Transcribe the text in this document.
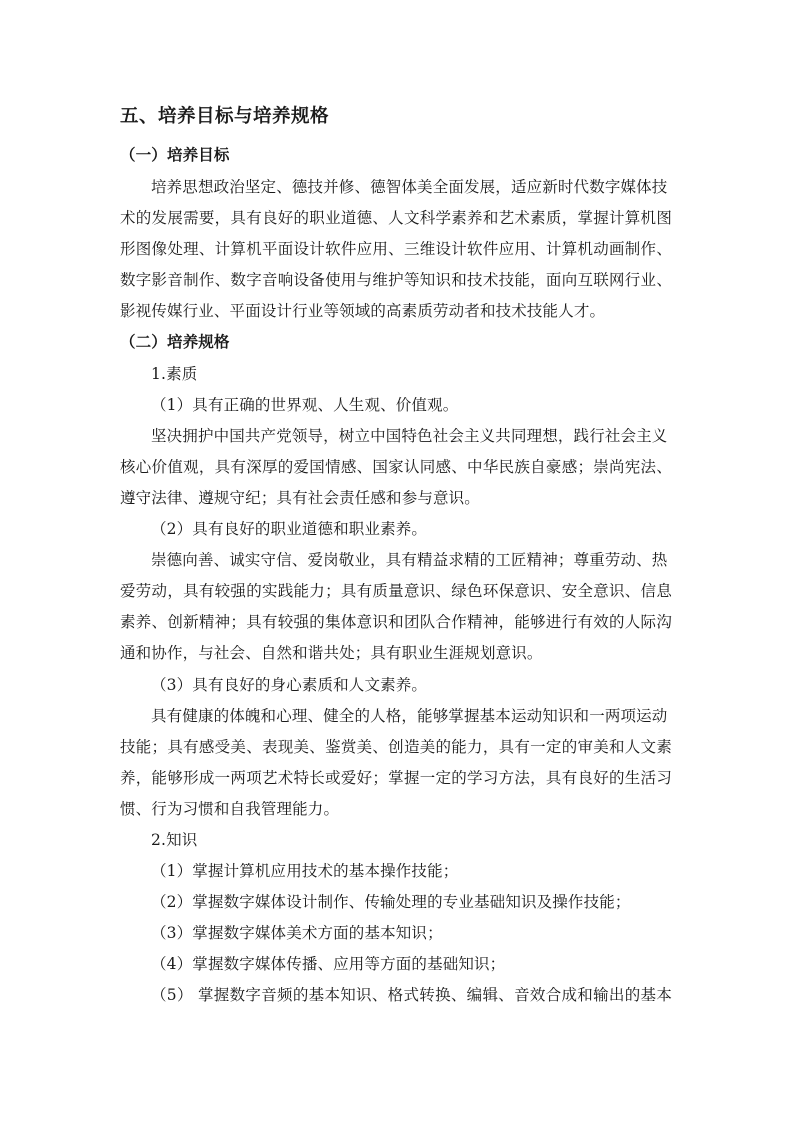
五、培养目标与培养规格
（一）培养目标
培养思想政治坚定、德技并修、德智体美全面发展，适应新时代数字媒体技
术的发展需要，具有良好的职业道德、人文科学素养和艺术素质，掌握计算机图
形图像处理、计算机平面设计软件应用、三维设计软件应用、计算机动画制作、
数字影音制作、数字音响设备使用与维护等知识和技术技能，面向互联网行业、
影视传媒行业、平面设计行业等领域的高素质劳动者和技术技能人才。
（二）培养规格
1.素质
（1）具有正确的世界观、人生观、价值观。
坚决拥护中国共产党领导，树立中国特色社会主义共同理想，践行社会主义
核心价值观，具有深厚的爱国情感、国家认同感、中华民族自豪感；崇尚宪法、
遵守法律、遵规守纪；具有社会责任感和参与意识。
（2）具有良好的职业道德和职业素养。
崇德向善、诚实守信、爱岗敬业，具有精益求精的工匠精神；尊重劳动、热
爱劳动，具有较强的实践能力；具有质量意识、绿色环保意识、安全意识、信息
素养、创新精神；具有较强的集体意识和团队合作精神，能够进行有效的人际沟
通和协作，与社会、自然和谐共处；具有职业生涯规划意识。
（3）具有良好的身心素质和人文素养。
具有健康的体魄和心理、健全的人格，能够掌握基本运动知识和一两项运动
技能；具有感受美、表现美、鉴赏美、创造美的能力，具有一定的审美和人文素
养，能够形成一两项艺术特长或爱好；掌握一定的学习方法，具有良好的生活习
惯、行为习惯和自我管理能力。
2.知识
（1）掌握计算机应用技术的基本操作技能；
（2）掌握数字媒体设计制作、传输处理的专业基础知识及操作技能；
（3）掌握数字媒体美术方面的基本知识；
（4）掌握数字媒体传播、应用等方面的基础知识；
（5） 掌握数字音频的基本知识、格式转换、编辑、音效合成和输出的基本
